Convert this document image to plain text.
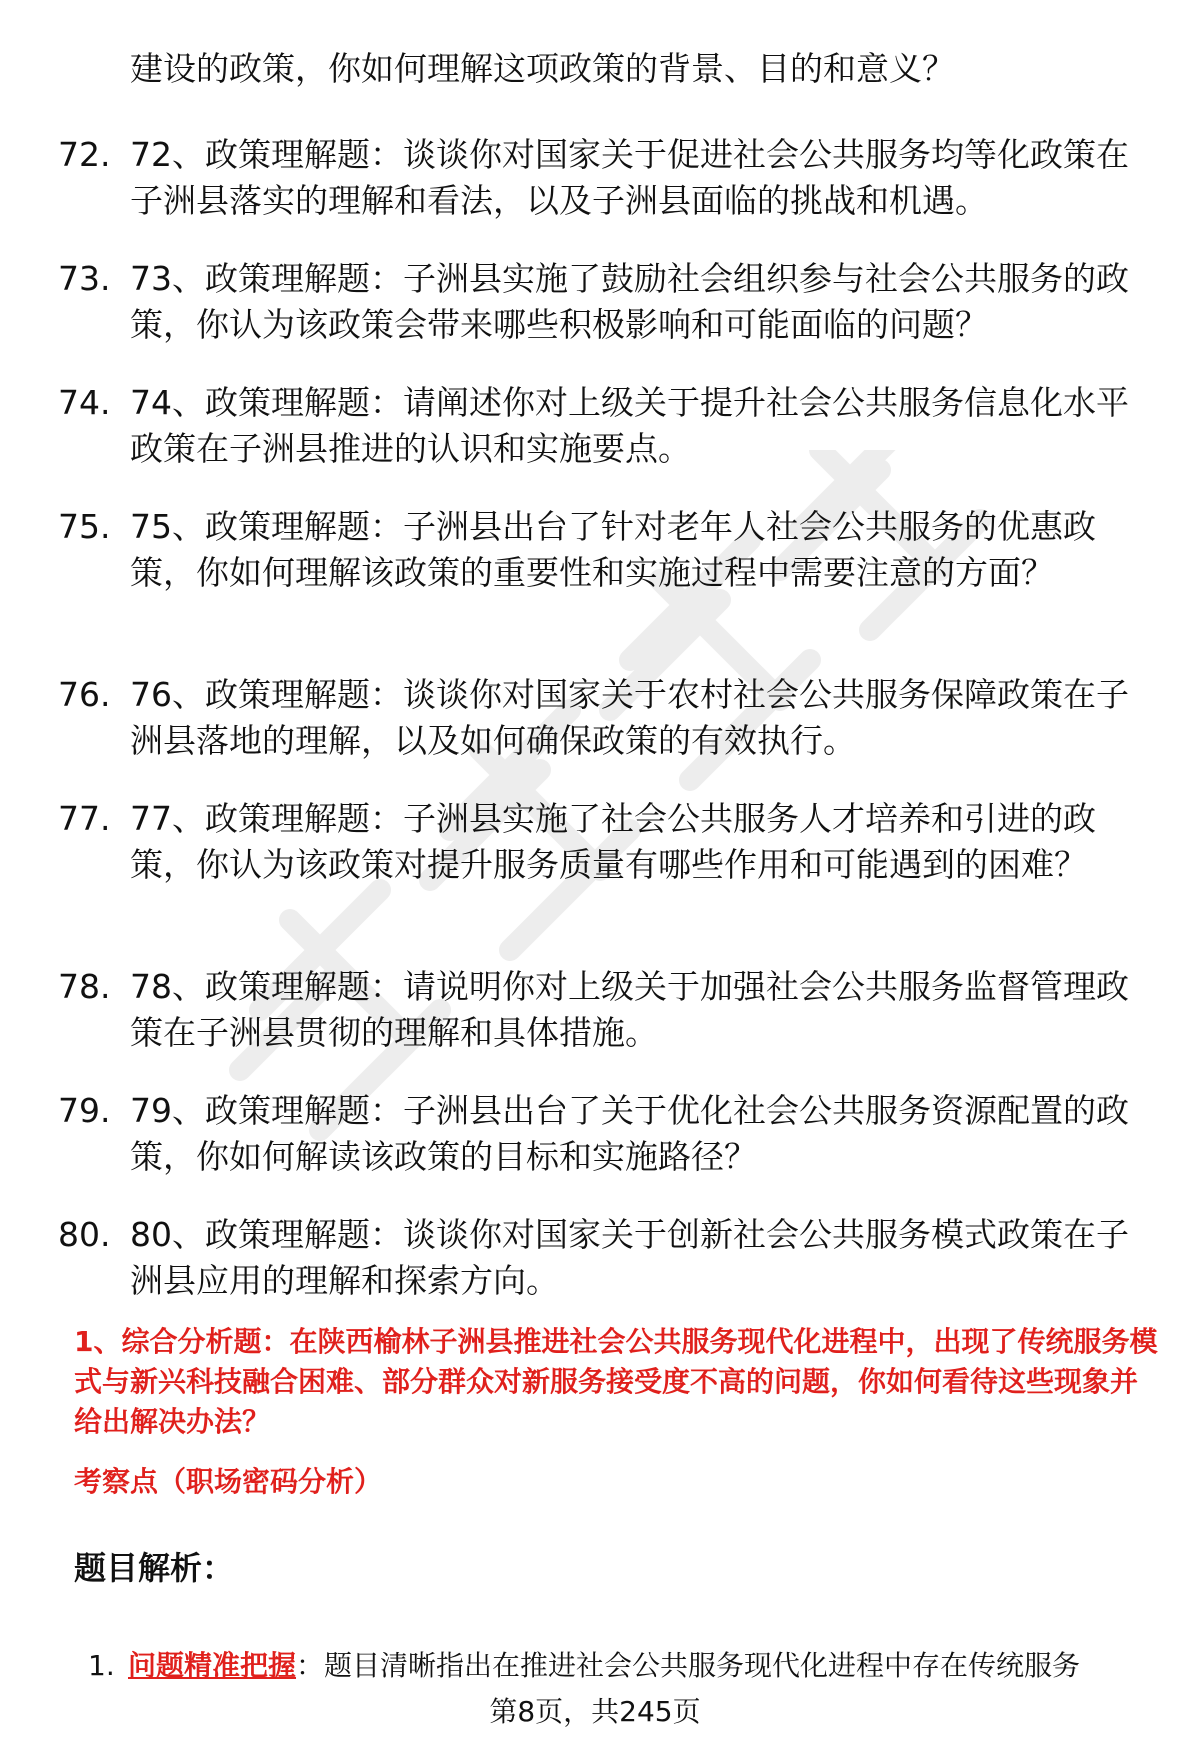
建设的政策，你如何理解这项政策的背景、目的和意义？

72. 72、政策理解题：谈谈你对国家关于促进社会公共服务均等化政策在子洲县落实的理解和看法，以及子洲县面临的挑战和机遇。

73. 73、政策理解题：子洲县实施了鼓励社会组织参与社会公共服务的政策，你认为该政策会带来哪些积极影响和可能面临的问题？

74. 74、政策理解题：请阐述你对上级关于提升社会公共服务信息化水平政策在子洲县推进的认识和实施要点。

75. 75、政策理解题：子洲县出台了针对老年人社会公共服务的优惠政策，你如何理解该政策的重要性和实施过程中需要注意的方面？

76. 76、政策理解题：谈谈你对国家关于农村社会公共服务保障政策在子洲县落地的理解，以及如何确保政策的有效执行。

77. 77、政策理解题：子洲县实施了社会公共服务人才培养和引进的政策，你认为该政策对提升服务质量有哪些作用和可能遇到的困难？

78. 78、政策理解题：请说明你对上级关于加强社会公共服务监督管理政策在子洲县贯彻的理解和具体措施。

79. 79、政策理解题：子洲县出台了关于优化社会公共服务资源配置的政策，你如何解读该政策的目标和实施路径？

80. 80、政策理解题：谈谈你对国家关于创新社会公共服务模式政策在子洲县应用的理解和探索方向。

1、综合分析题：在陕西榆林子洲县推进社会公共服务现代化进程中，出现了传统服务模式与新兴科技融合困难、部分群众对新服务接受度不高的问题，你如何看待这些现象并给出解决办法？

考察点（职场密码分析）

题目解析：

1. 问题精准把握：题目清晰指出在推进社会公共服务现代化进程中存在传统服务

第8页，共245页
